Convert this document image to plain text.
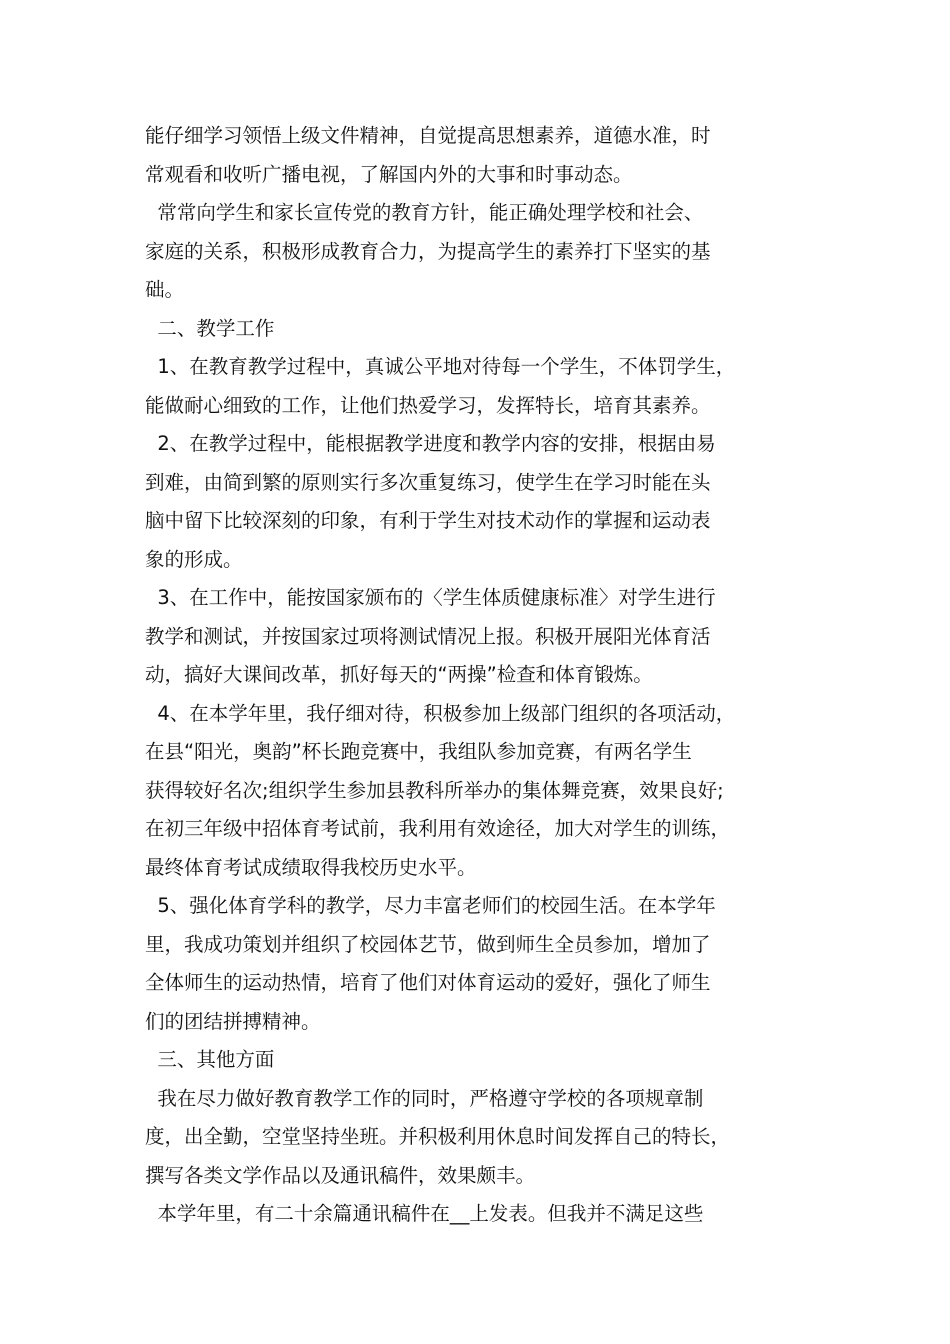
能仔细学习领悟上级文件精神，自觉提高思想素养，道德水准，时
常观看和收听广播电视，了解国内外的大事和时事动态。
常常向学生和家长宣传党的教育方针，能正确处理学校和社会、
家庭的关系，积极形成教育合力，为提高学生的素养打下坚实的基
础。
二、教学工作
1、在教育教学过程中，真诚公平地对待每一个学生，不体罚学生，
能做耐心细致的工作，让他们热爱学习，发挥特长，培育其素养。
2、在教学过程中，能根据教学进度和教学内容的安排，根据由易
到难，由简到繁的原则实行多次重复练习，使学生在学习时能在头
脑中留下比较深刻的印象，有利于学生对技术动作的掌握和运动表
象的形成。
3、在工作中，能按国家颁布的〈学生体质健康标准〉对学生进行
教学和测试，并按国家过项将测试情况上报。积极开展阳光体育活
动，搞好大课间改革，抓好每天的“两操”检查和体育锻炼。
4、在本学年里，我仔细对待，积极参加上级部门组织的各项活动，
在县“阳光，奥韵”杯长跑竞赛中，我组队参加竞赛，有两名学生
获得较好名次;组织学生参加县教科所举办的集体舞竞赛，效果良好;
在初三年级中招体育考试前，我利用有效途径，加大对学生的训练，
最终体育考试成绩取得我校历史水平。
5、强化体育学科的教学，尽力丰富老师们的校园生活。在本学年
里，我成功策划并组织了校园体艺节，做到师生全员参加，增加了
全体师生的运动热情，培育了他们对体育运动的爱好，强化了师生
们的团结拼搏精神。
三、其他方面
我在尽力做好教育教学工作的同时，严格遵守学校的各项规章制
度，出全勤，空堂坚持坐班。并积极利用休息时间发挥自己的特长，
撰写各类文学作品以及通讯稿件，效果颇丰。
本学年里，有二十余篇通讯稿件在__上发表。但我并不满足这些
